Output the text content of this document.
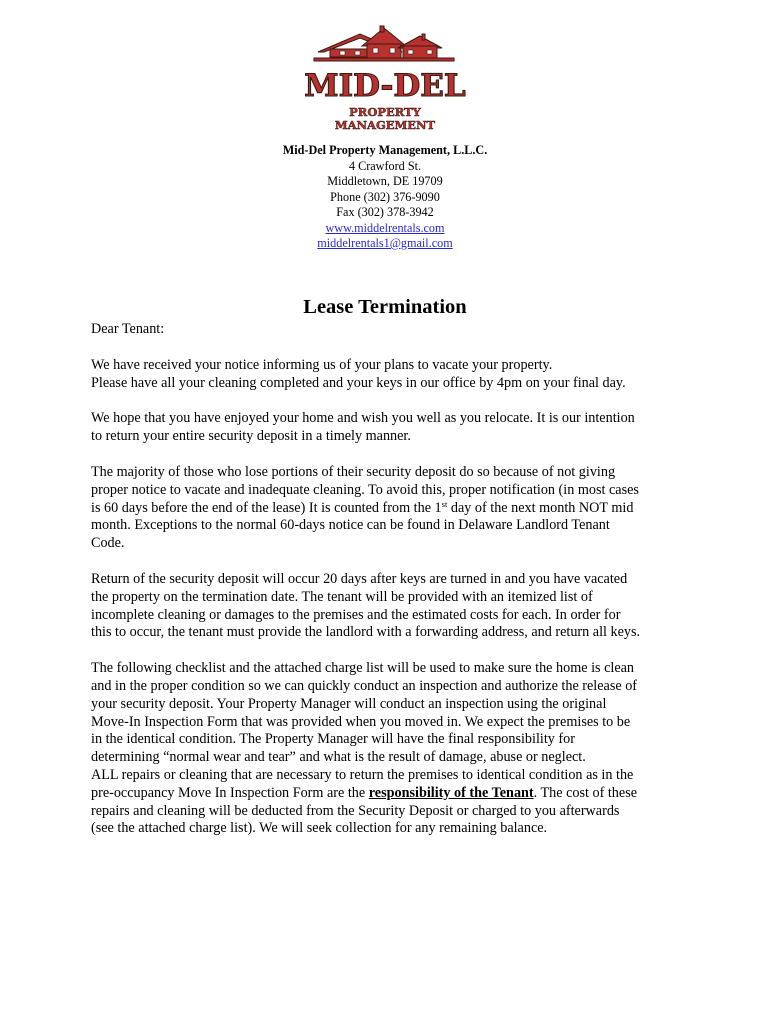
MID-DEL
PROPERTY
MANAGEMENT
Mid-Del Property Management, L.L.C.
4 Crawford St.
Middletown, DE 19709
Phone (302) 376-9090
Fax (302) 378-3942
www.middelrentals.com
middelrentals1@gmail.com
Lease Termination

Dear Tenant:

We have received your notice informing us of your plans to vacate your property.
Please have all your cleaning completed and your keys in our office by 4pm on your final day.

We hope that you have enjoyed your home and wish you well as you relocate. It is our intention
to return your entire security deposit in a timely manner.

The majority of those who lose portions of their security deposit do so because of not giving
proper notice to vacate and inadequate cleaning. To avoid this, proper notification (in most cases
is 60 days before the end of the lease) It is counted from the 1st day of the next month NOT mid
month. Exceptions to the normal 60-days notice can be found in Delaware Landlord Tenant
Code.

Return of the security deposit will occur 20 days after keys are turned in and you have vacated
the property on the termination date. The tenant will be provided with an itemized list of
incomplete cleaning or damages to the premises and the estimated costs for each. In order for
this to occur, the tenant must provide the landlord with a forwarding address, and return all keys.

The following checklist and the attached charge list will be used to make sure the home is clean
and in the proper condition so we can quickly conduct an inspection and authorize the release of
your security deposit. Your Property Manager will conduct an inspection using the original
Move-In Inspection Form that was provided when you moved in. We expect the premises to be
in the identical condition. The Property Manager will have the final responsibility for
determining “normal wear and tear” and what is the result of damage, abuse or neglect.
ALL repairs or cleaning that are necessary to return the premises to identical condition as in the
pre-occupancy Move In Inspection Form are the responsibility of the Tenant. The cost of these
repairs and cleaning will be deducted from the Security Deposit or charged to you afterwards
(see the attached charge list). We will seek collection for any remaining balance.
